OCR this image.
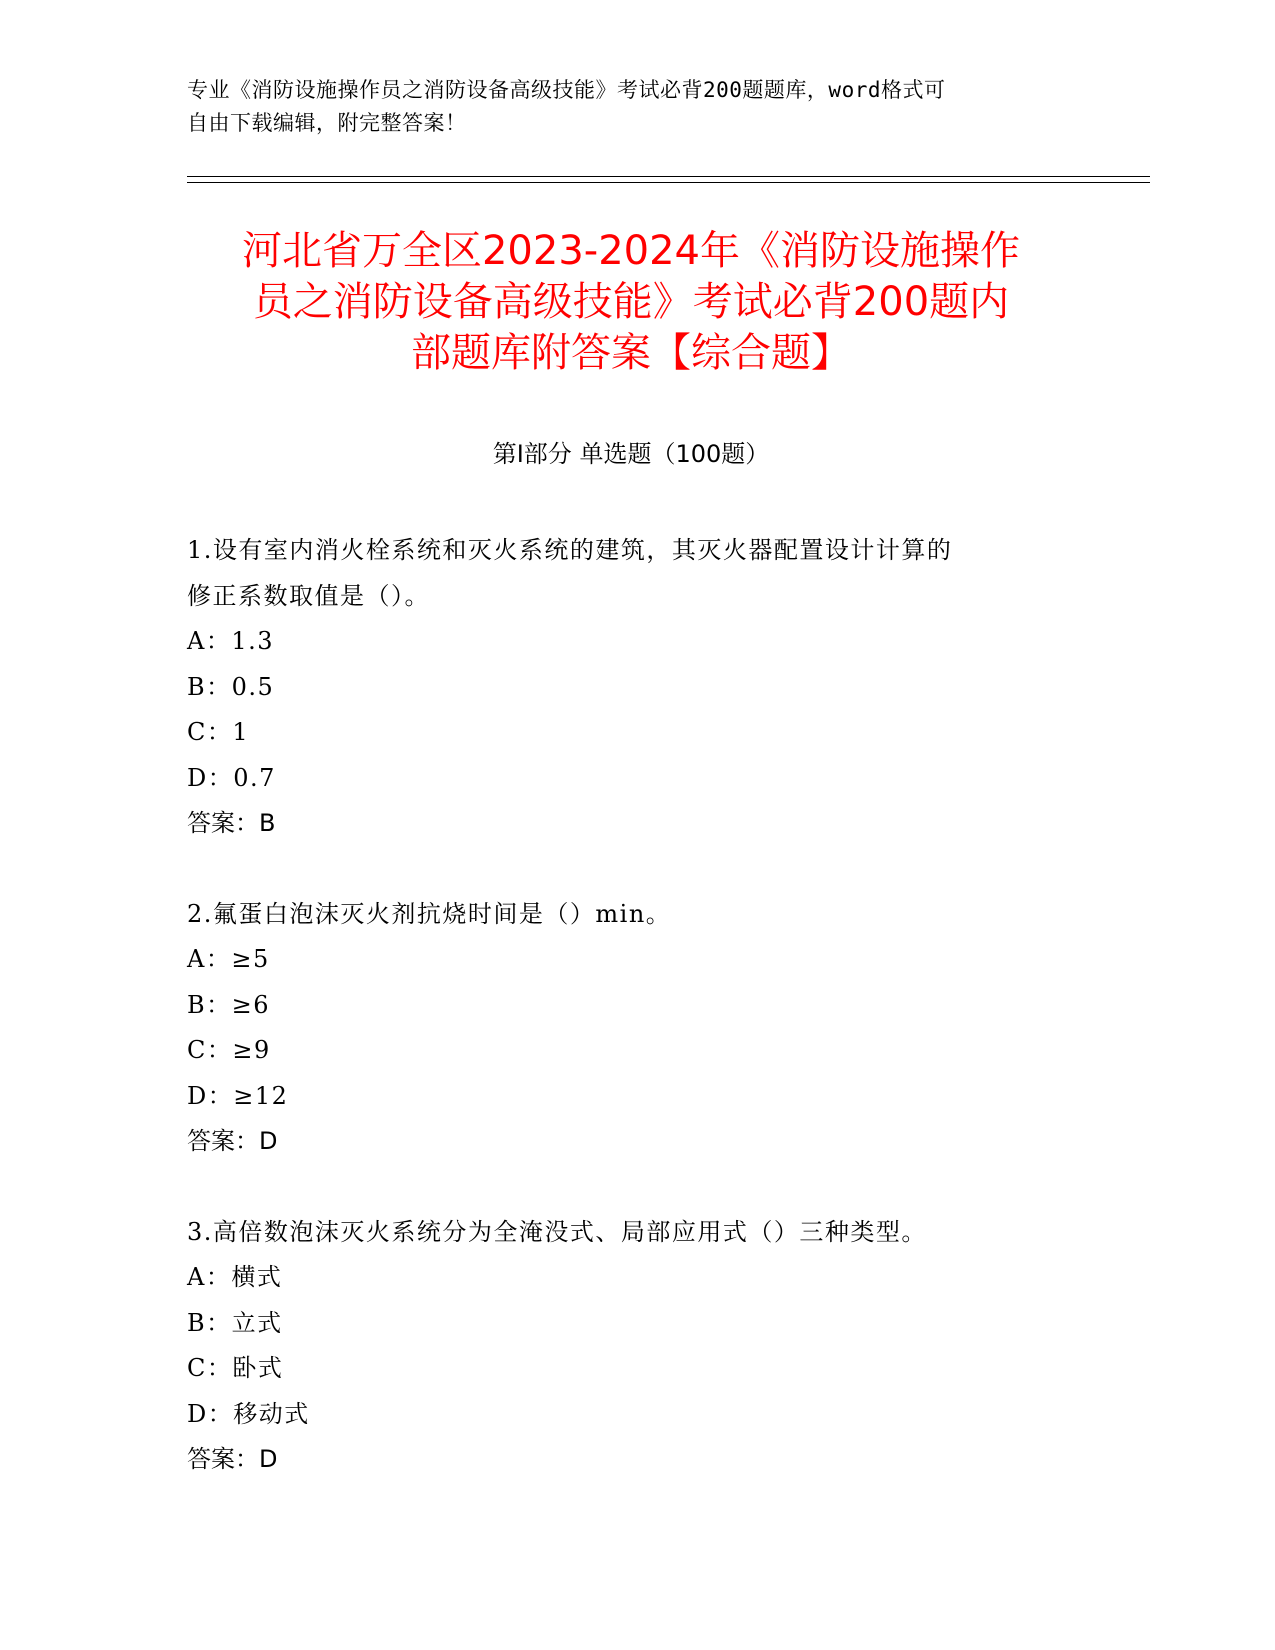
专业《消防设施操作员之消防设备高级技能》考试必背200题题库，word格式可
自由下载编辑，附完整答案！
河北省万全区2023-2024年《消防设施操作
员之消防设备高级技能》考试必背200题内
部题库附答案【综合题】
第Ⅰ部分 单选题（100题）
1.设有室内消火栓系统和灭火系统的建筑，其灭火器配置设计计算的
修正系数取值是（）。
A：1.3
B：0.5
C：1
D：0.7
答案：B
2.氟蛋白泡沫灭火剂抗烧时间是（）min。
A：≥5
B：≥6
C：≥9
D：≥12
答案：D
3.高倍数泡沫灭火系统分为全淹没式、局部应用式（）三种类型。
A：横式
B：立式
C：卧式
D：移动式
答案：D
